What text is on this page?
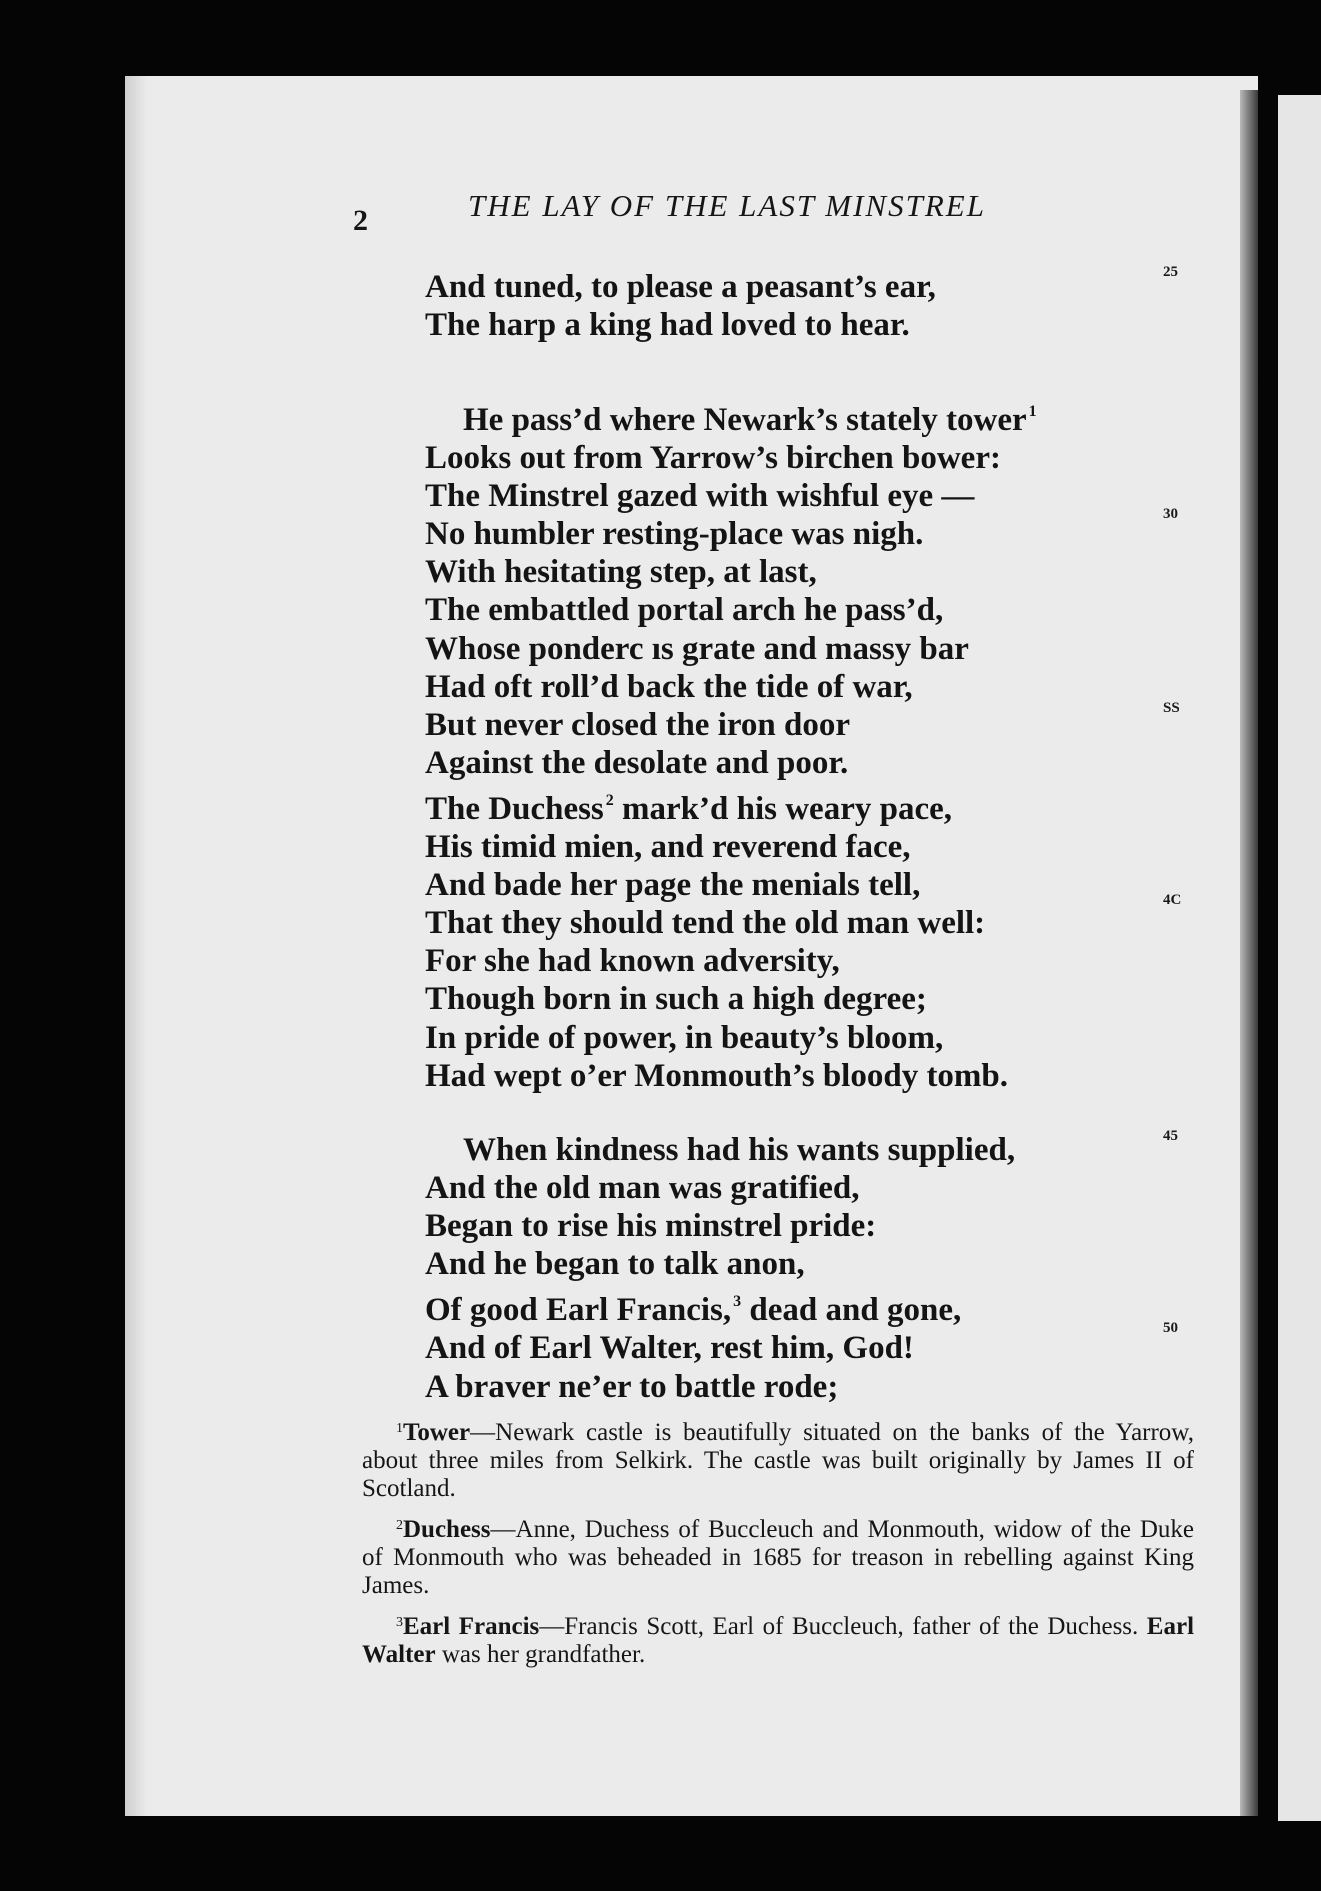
2	THE LAY OF THE LAST MINSTREL
And tuned, to please a peasant’s ear,
The harp a king had loved to hear.
He pass’d where Newark’s stately tower $^1$
Looks out from Yarrow’s birchen bower:
The Minstrel gazed with wishful eye —
No humbler resting-place was nigh.
With hesitating step, at last,
The embattled portal arch he pass’d,
Whose ponderc ıs grate and massy bar
Had oft roll’d back the tide of war,
But never closed the iron door
Against the desolate and poor.
The Duchess $^2$ mark’d his weary pace,
His timid mien, and reverend face,
And bade her page the menials tell,
That they should tend the old man well:
For she had known adversity,
Though born in such a high degree;
In pride of power, in beauty’s bloom,
Had wept o’er Monmouth’s bloody tomb.
When kindness had his wants supplied,
And the old man was gratified,
Began to rise his minstrel pride:
And he began to talk anon,
Of good Earl Francis, $^3$ dead and gone,
And of Earl Walter, rest him, God!
A braver ne’er to battle rode;
25
30
SS
4C
45
50

$^1$Tower—Newark castle is beautifully situated on the banks of the Yarrow, about three miles from Selkirk. The castle was built originally by James II of Scotland.

$^2$Duchess—Anne, Duchess of Buccleuch and Monmouth, widow of the Duke of Monmouth who was beheaded in 1685 for treason in rebelling against King James.

$^3$Earl Francis—Francis Scott, Earl of Buccleuch, father of the Duchess. Earl Walter was her grandfather.
